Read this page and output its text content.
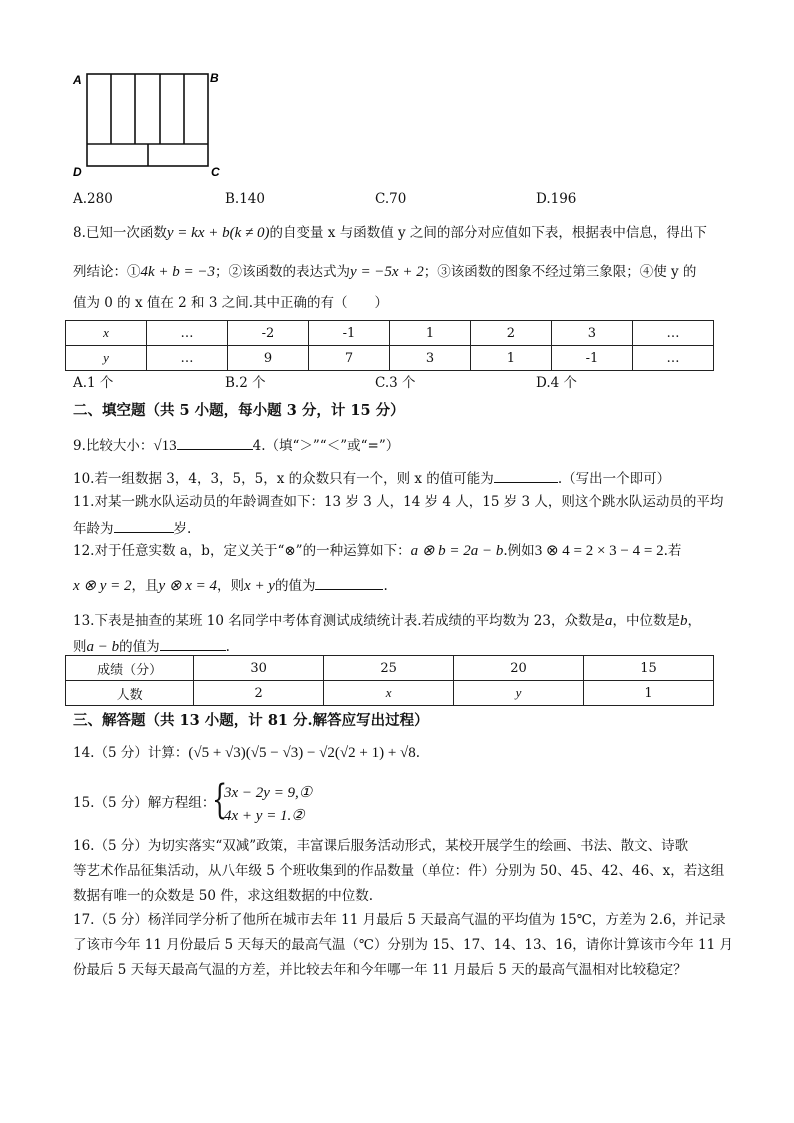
A	B
D	C
A.280	B.140	C.70	D.196
8.已知一次函数y = kx + b(k ≠ 0)的自变量 x 与函数值 y 之间的部分对应值如下表，根据表中信息，得出下
列结论：①4k + b = −3；②该函数的表达式为y = −5x + 2；③该函数的图象不经过第三象限；④使 y 的
值为 0 的 x 值在 2 和 3 之间.其中正确的有（　　）
x	…	-2	-1	1	2	3	…
y	…	9	7	3	1	-1	…
A.1 个	B.2 个	C.3 个	D.4 个
二、填空题（共 5 小题，每小题 3 分，计 15 分）
9.比较大小：√13	4.（填“＞”“＜”或“=”）
10.若一组数据 3，4，3，5，5，x 的众数只有一个，则 x 的值可能为	.（写出一个即可）
11.对某一跳水队运动员的年龄调查如下：13 岁 3 人，14 岁 4 人，15 岁 3 人，则这个跳水队运动员的平均
年龄为	岁.
12.对于任意实数 a，b，定义关于“⊗”的一种运算如下：a ⊗ b = 2a − b.例如3 ⊗ 4 = 2 × 3 − 4 = 2.若
x ⊗ y = 2，且y ⊗ x = 4，则x + y的值为	.
13.下表是抽查的某班 10 名同学中考体育测试成绩统计表.若成绩的平均数为 23，众数是a，中位数是b，
则a − b的值为	.
成绩（分）	30	25	20	15
人数	2	x	y	1
三、解答题（共 13 小题，计 81 分.解答应写出过程）
14.（5 分）计算：(√5 + √3)(√5 − √3) − √2(√2 + 1) + √8.
15.（5 分）解方程组：
{
3x − 2y = 9,①
4x + y = 1.②
16.（5 分）为切实落实“双减”政策，丰富课后服务活动形式，某校开展学生的绘画、书法、散文、诗歌
等艺术作品征集活动，从八年级 5 个班收集到的作品数量（单位：件）分别为 50、45、42、46、x，若这组
数据有唯一的众数是 50 件，求这组数据的中位数.
17.（5 分）杨洋同学分析了他所在城市去年 11 月最后 5 天最高气温的平均值为 15℃，方差为 2.6，并记录
了该市今年 11 月份最后 5 天每天的最高气温（℃）分别为 15、17、14、13、16，请你计算该市今年 11 月
份最后 5 天每天最高气温的方差，并比较去年和今年哪一年 11 月最后 5 天的最高气温相对比较稳定？
